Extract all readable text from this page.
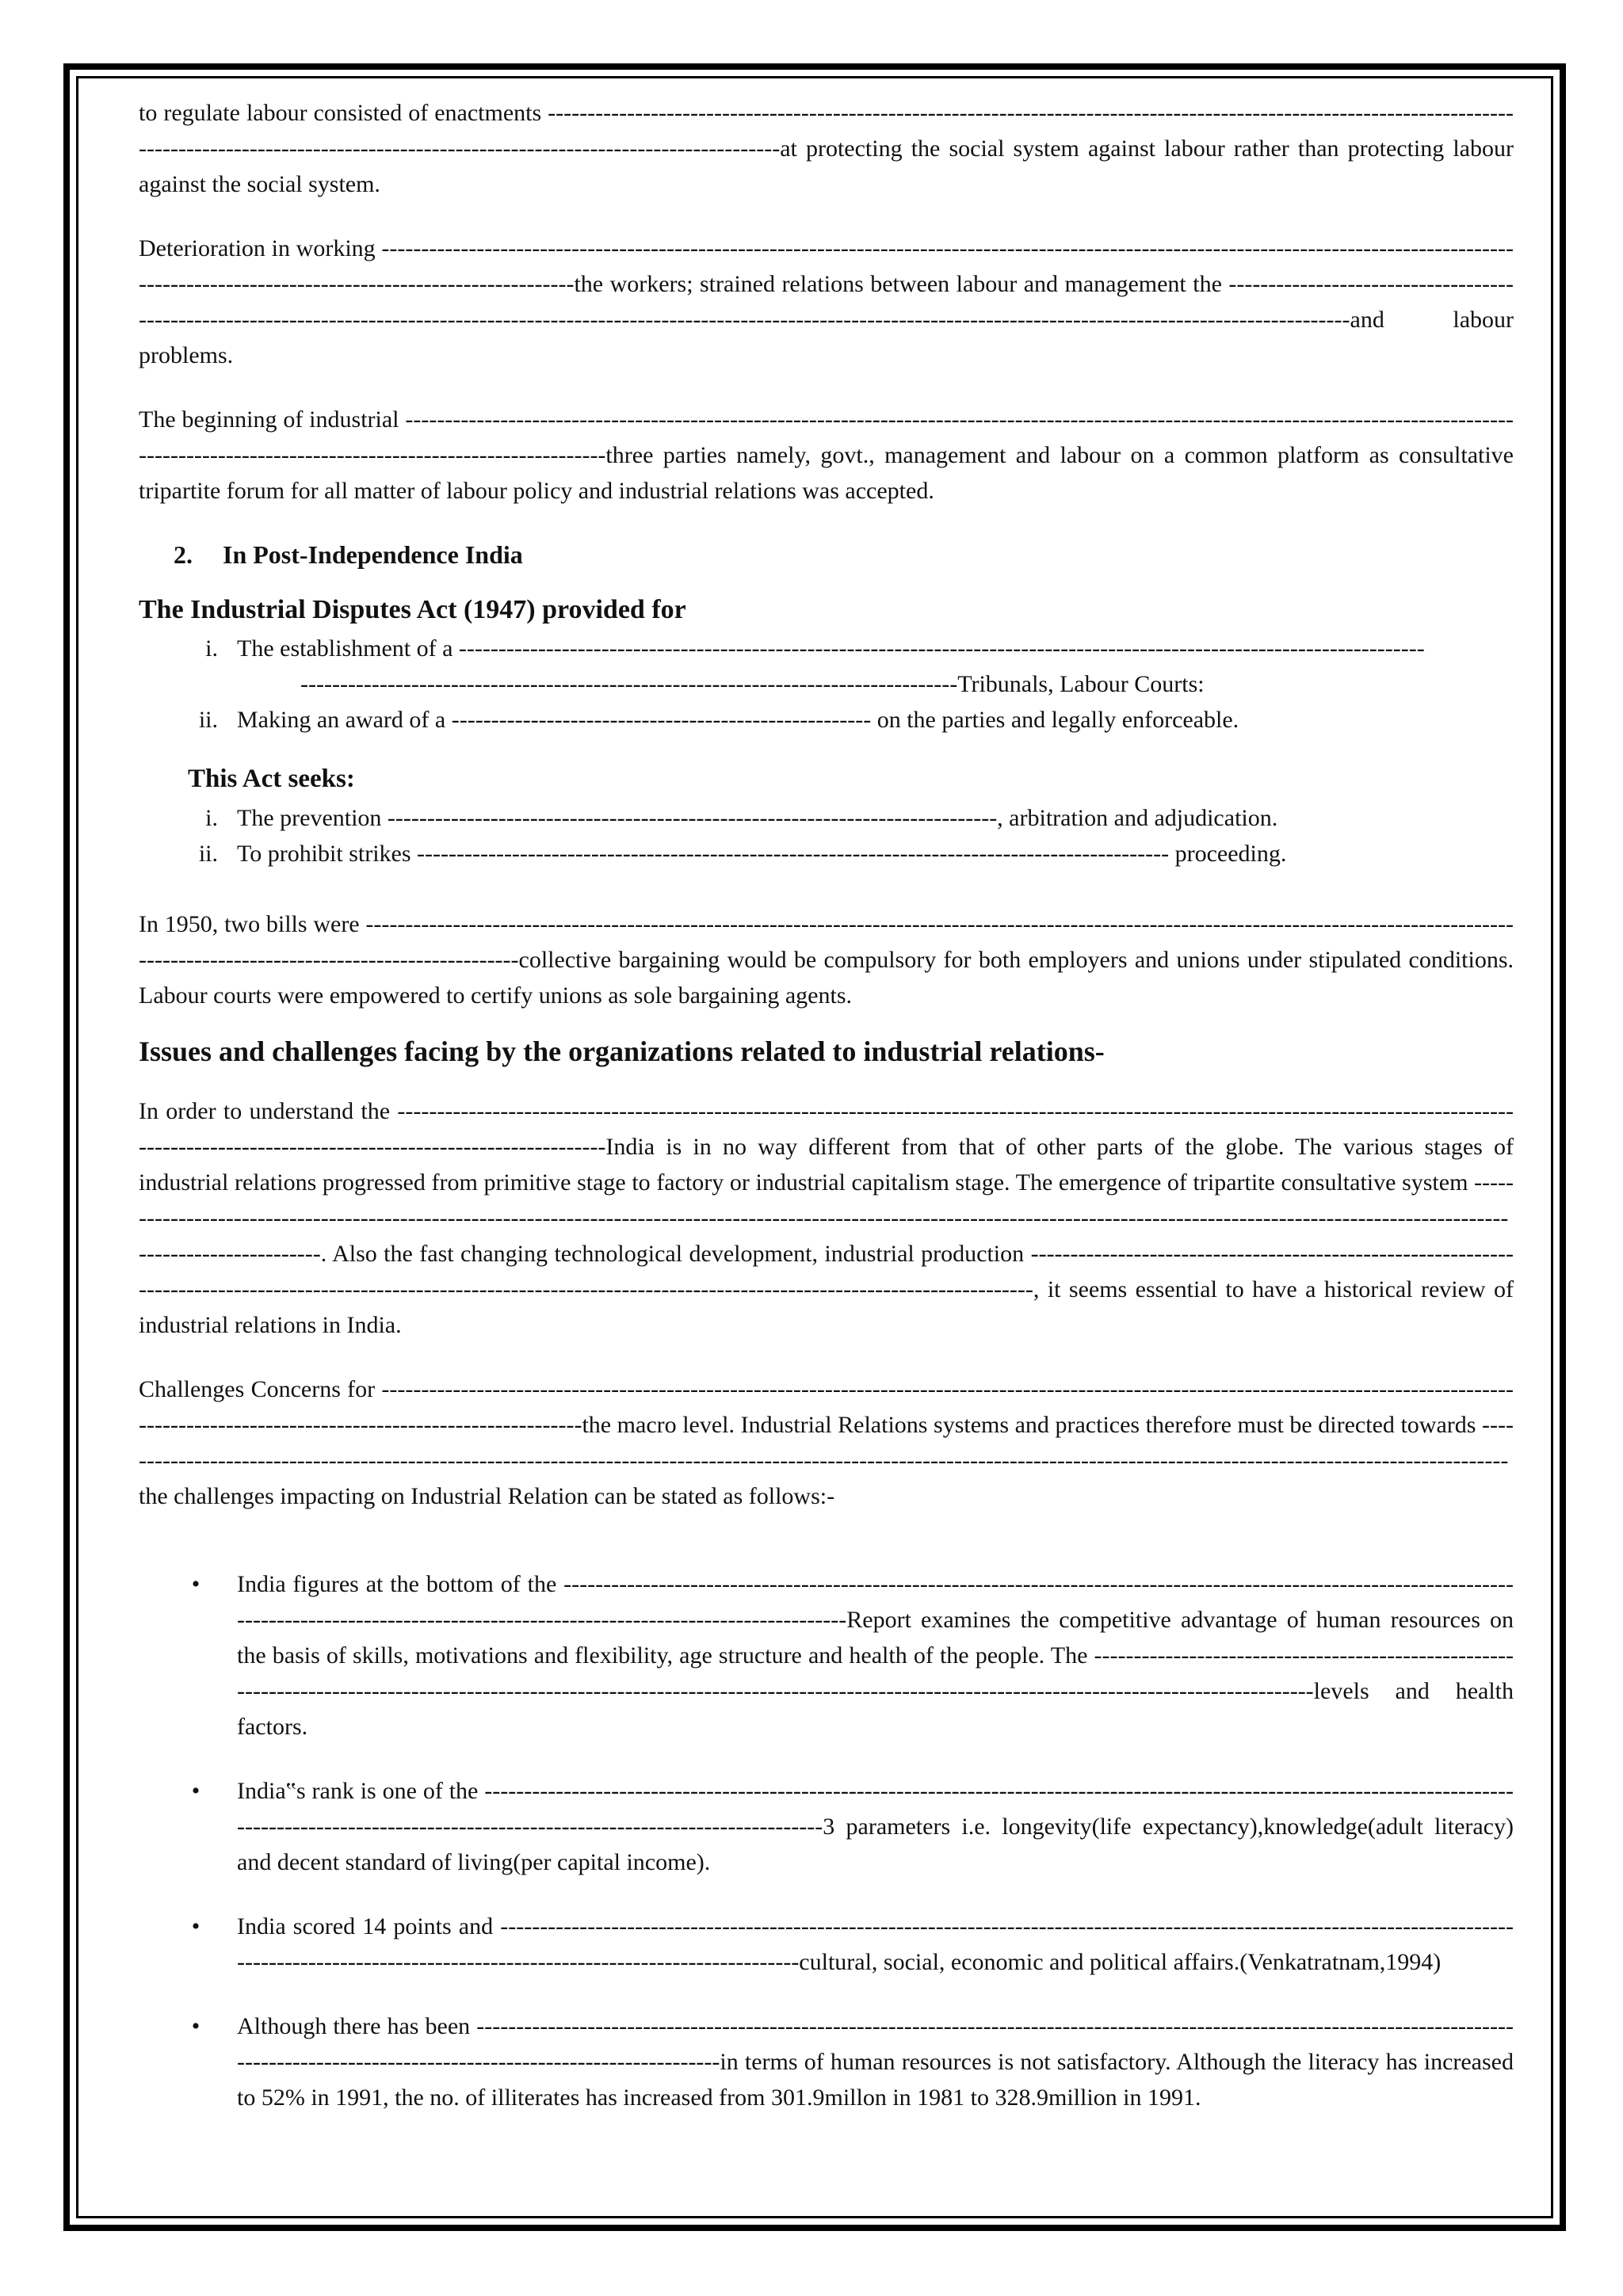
to regulate labour consisted of enactments -----------------------------------------------------------------------------------------------------------------------------------------------------------------------------------------------------------at protecting the social system against labour rather than protecting labour against the social system.

Deterioration in working ------------------------------------------------------------------------------------------------------------------------------------------------------------------------------------------------------the workers; strained relations between labour and management the ---------------------------------------------------------------------------------------------------------------------------------------------------------------------------------------------and labour problems.

The beginning of industrial -------------------------------------------------------------------------------------------------------------------------------------------------------------------------------------------------------three parties namely, govt., management and labour on a common platform as consultative tripartite forum for all matter of labour policy and industrial relations was accepted.

2.	In Post-Independence India
The Industrial Disputes Act (1947) provided for
i. The establishment of a --------------------------------------------------------------------------------------------------------------------------
-----------------------------------------------------------------------------------Tribunals, Labour Courts:
ii. Making an award of a ----------------------------------------------------- on the parties and legally enforceable.
This Act seeks:
i. The prevention -----------------------------------------------------------------------------, arbitration and adjudication.
ii. To prohibit strikes ----------------------------------------------------------------------------------------------- proceeding.

In 1950, two bills were -------------------------------------------------------------------------------------------------------------------------------------------------------------------------------------------------collective bargaining would be compulsory for both employers and unions under stipulated conditions. Labour courts were empowered to certify unions as sole bargaining agents.

Issues and challenges facing by the organizations related to industrial relations-

In order to understand the --------------------------------------------------------------------------------------------------------------------------------------------------------------------------------------------------------India is in no way different from that of other parts of the globe. The various stages of industrial relations progressed from primitive stage to factory or industrial capitalism stage. The emergence of tripartite consultative system ---------------------------------------------------------------------------------------------------------------------------------------------------------------------------------------------------------. Also the fast changing technological development, industrial production ------------------------------------------------------------------------------------------------------------------------------------------------------------------------------, it seems essential to have a historical review of industrial relations in India.

Challenges Concerns for -------------------------------------------------------------------------------------------------------------------------------------------------------------------------------------------------------the macro level. Industrial Relations systems and practices therefore must be directed towards ---------------------------------------------------------------------------------------------------------------------------------------------------------------------------------the challenges impacting on Industrial Relation can be stated as follows:-

•	India figures at the bottom of the -----------------------------------------------------------------------------------------------------------------------------------------------------------------------------------------------------Report examines the competitive advantage of human resources on the basis of skills, motivations and flexibility, age structure and health of the people. The ---------------------------------------------------------------------------------------------------------------------------------------------------------------------------------------------levels and health factors.
•	India‟s rank is one of the ------------------------------------------------------------------------------------------------------------------------------------------------------------------------------------------------------------3 parameters i.e. longevity(life expectancy),knowledge(adult literacy) and decent standard of living(per capital income).
•	India scored 14 points and -------------------------------------------------------------------------------------------------------------------------------------------------------------------------------------------------------cultural, social, economic and political affairs.(Venkatratnam,1994)
•	Although there has been ------------------------------------------------------------------------------------------------------------------------------------------------------------------------------------------------in terms of human resources is not satisfactory. Although the literacy has increased to 52% in 1991, the no. of illiterates has increased from 301.9millon in 1981 to 328.9million in 1991.
